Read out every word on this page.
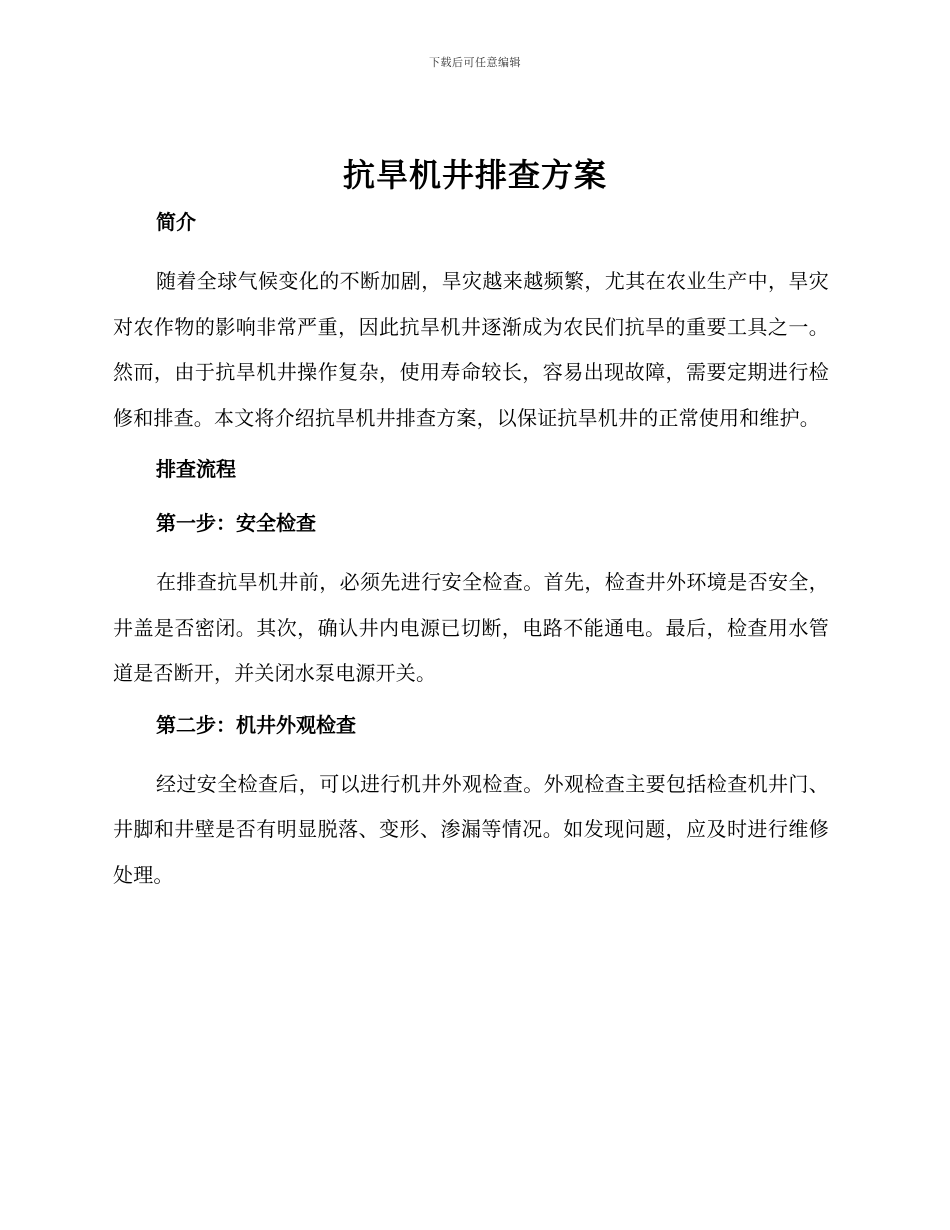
下载后可任意编辑
抗旱机井排查方案
简介

随着全球气候变化的不断加剧，旱灾越来越频繁，尤其在农业生产中，旱灾对农作物的影响非常严重，因此抗旱机井逐渐成为农民们抗旱的重要工具之一。然而，由于抗旱机井操作复杂，使用寿命较长，容易出现故障，需要定期进行检修和排查。本文将介绍抗旱机井排查方案，以保证抗旱机井的正常使用和维护。

排查流程
第一步：安全检查

在排查抗旱机井前，必须先进行安全检查。首先，检查井外环境是否安全，井盖是否密闭。其次，确认井内电源已切断，电路不能通电。最后，检查用水管道是否断开，并关闭水泵电源开关。

第二步：机井外观检查

经过安全检查后，可以进行机井外观检查。外观检查主要包括检查机井门、井脚和井壁是否有明显脱落、变形、渗漏等情况。如发现问题，应及时进行维修处理。
